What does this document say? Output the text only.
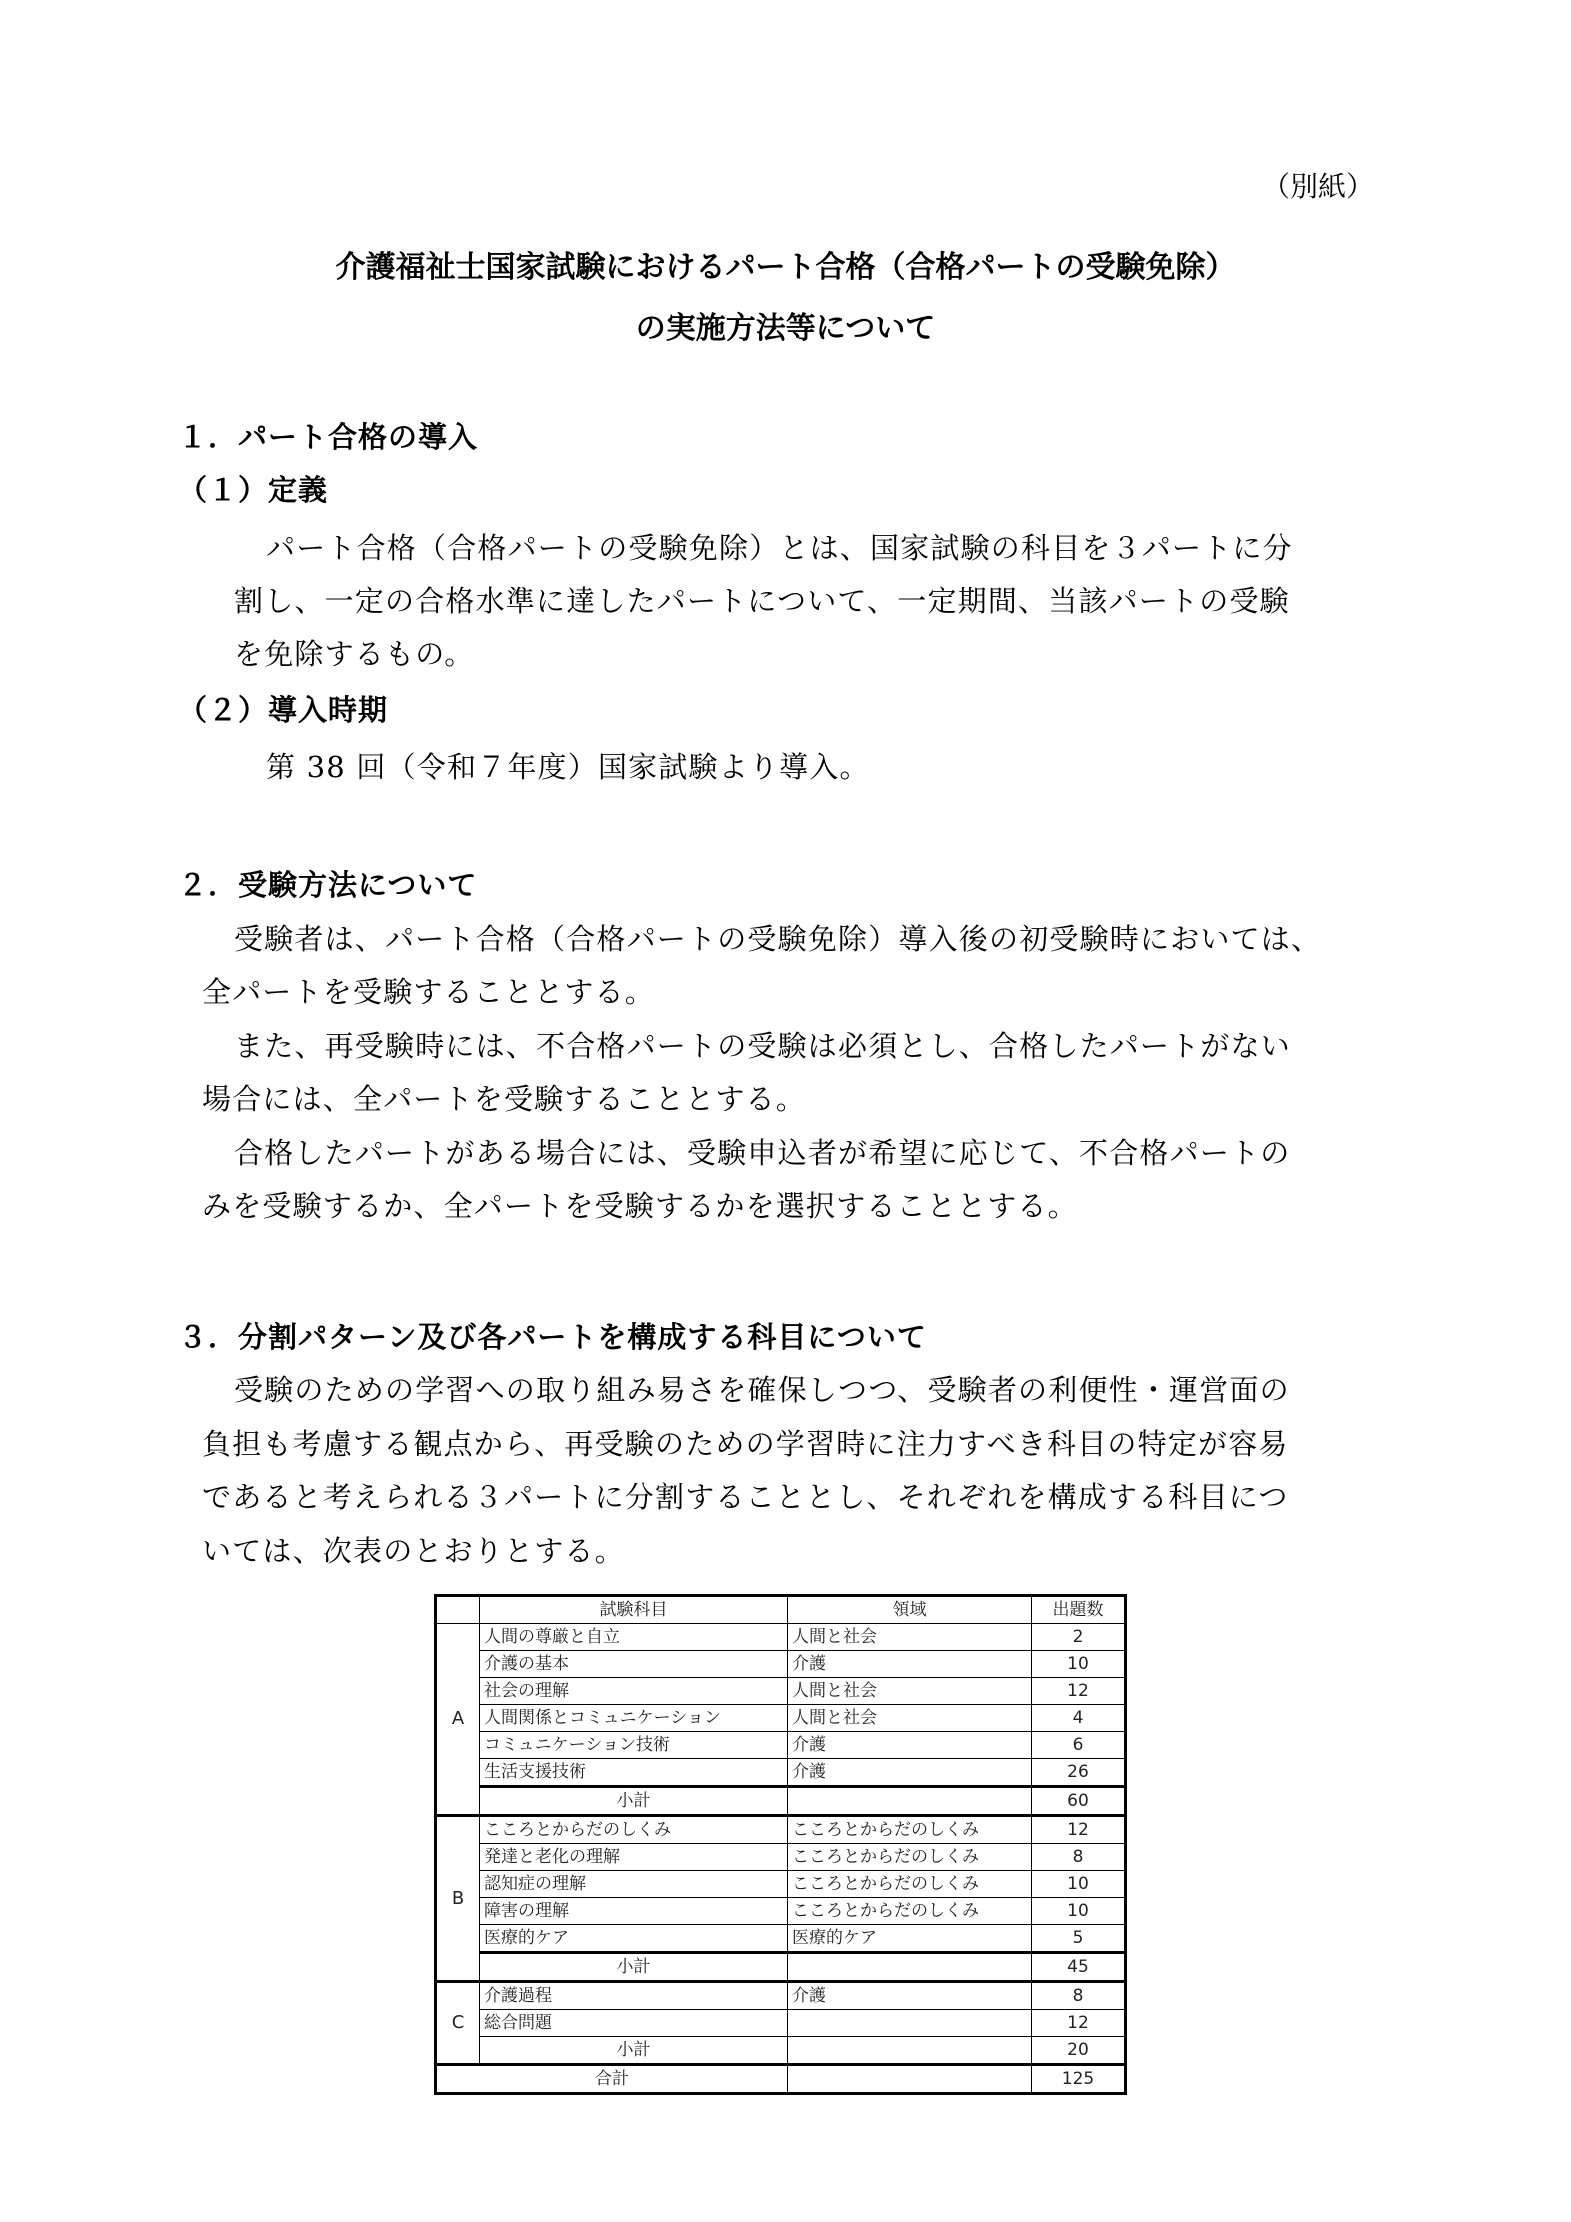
（別紙）
介護福祉士国家試験におけるパート合格（合格パートの受験免除）
の実施方法等について
１．パート合格の導入
（１）定義
パート合格（合格パートの受験免除）とは、国家試験の科目を３パートに分
割し、一定の合格水準に達したパートについて、一定期間、当該パートの受験
を免除するもの。
（２）導入時期
第 38 回（令和７年度）国家試験より導入。
２．受験方法について
受験者は、パート合格（合格パートの受験免除）導入後の初受験時においては、
全パートを受験することとする。
また、再受験時には、不合格パートの受験は必須とし、合格したパートがない
場合には、全パートを受験することとする。
合格したパートがある場合には、受験申込者が希望に応じて、不合格パートの
みを受験するか、全パートを受験するかを選択することとする。
３．分割パターン及び各パートを構成する科目について
受験のための学習への取り組み易さを確保しつつ、受験者の利便性・運営面の
負担も考慮する観点から、再受験のための学習時に注力すべき科目の特定が容易
であると考えられる３パートに分割することとし、それぞれを構成する科目につ
いては、次表のとおりとする。
	試験科目	領域	出題数
A	人間の尊厳と自立	人間と社会	2
	介護の基本	介護	10
	社会の理解	人間と社会	12
	人間関係とコミュニケーション	人間と社会	4
	コミュニケーション技術	介護	6
	生活支援技術	介護	26
	小計		60
B	こころとからだのしくみ	こころとからだのしくみ	12
	発達と老化の理解	こころとからだのしくみ	8
	認知症の理解	こころとからだのしくみ	10
	障害の理解	こころとからだのしくみ	10
	医療的ケア	医療的ケア	5
	小計		45
C	介護過程	介護	8
	総合問題		12
	小計		20
合計			125
